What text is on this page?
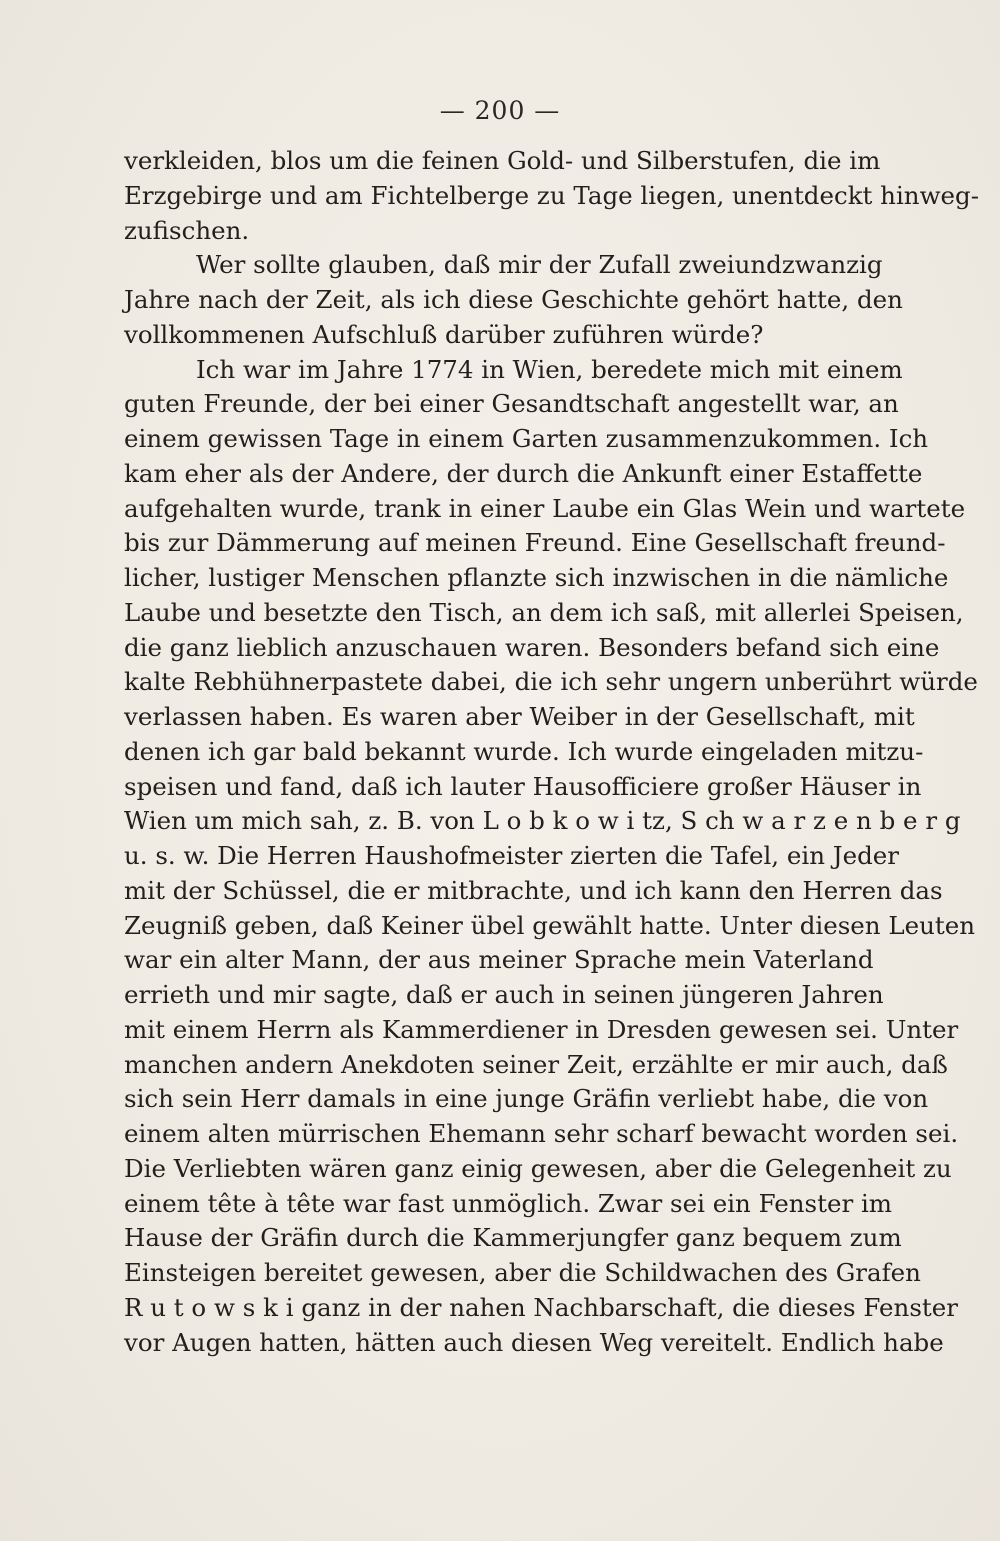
— 200 —
verkleiden, blos um die feinen Gold- und Silberstufen, die im
Erzgebirge und am Fichtelberge zu Tage liegen, unentdeckt hinweg-
zufischen.
Wer sollte glauben, daß mir der Zufall zweiundzwanzig
Jahre nach der Zeit, als ich diese Geschichte gehört hatte, den
vollkommenen Aufschluß darüber zuführen würde?
Ich war im Jahre 1774 in Wien, beredete mich mit einem
guten Freunde, der bei einer Gesandtschaft angestellt war, an
einem gewissen Tage in einem Garten zusammenzukommen. Ich
kam eher als der Andere, der durch die Ankunft einer Estaffette
aufgehalten wurde, trank in einer Laube ein Glas Wein und wartete
bis zur Dämmerung auf meinen Freund. Eine Gesellschaft freund-
licher, lustiger Menschen pflanzte sich inzwischen in die nämliche
Laube und besetzte den Tisch, an dem ich saß, mit allerlei Speisen,
die ganz lieblich anzuschauen waren. Besonders befand sich eine
kalte Rebhühnerpastete dabei, die ich sehr ungern unberührt würde
verlassen haben. Es waren aber Weiber in der Gesellschaft, mit
denen ich gar bald bekannt wurde. Ich wurde eingeladen mitzu-
speisen und fand, daß ich lauter Hausofficiere großer Häuser in
Wien um mich sah, z. B. von L o b k o w i tz, S ch w a r z e n b e r g
u. s. w. Die Herren Haushofmeister zierten die Tafel, ein Jeder
mit der Schüssel, die er mitbrachte, und ich kann den Herren das
Zeugniß geben, daß Keiner übel gewählt hatte. Unter diesen Leuten
war ein alter Mann, der aus meiner Sprache mein Vaterland
errieth und mir sagte, daß er auch in seinen jüngeren Jahren
mit einem Herrn als Kammerdiener in Dresden gewesen sei. Unter
manchen andern Anekdoten seiner Zeit, erzählte er mir auch, daß
sich sein Herr damals in eine junge Gräfin verliebt habe, die von
einem alten mürrischen Ehemann sehr scharf bewacht worden sei.
Die Verliebten wären ganz einig gewesen, aber die Gelegenheit zu
einem tête à tête war fast unmöglich. Zwar sei ein Fenster im
Hause der Gräfin durch die Kammerjungfer ganz bequem zum
Einsteigen bereitet gewesen, aber die Schildwachen des Grafen
R u t o w s k i ganz in der nahen Nachbarschaft, die dieses Fenster
vor Augen hatten, hätten auch diesen Weg vereitelt. Endlich habe
